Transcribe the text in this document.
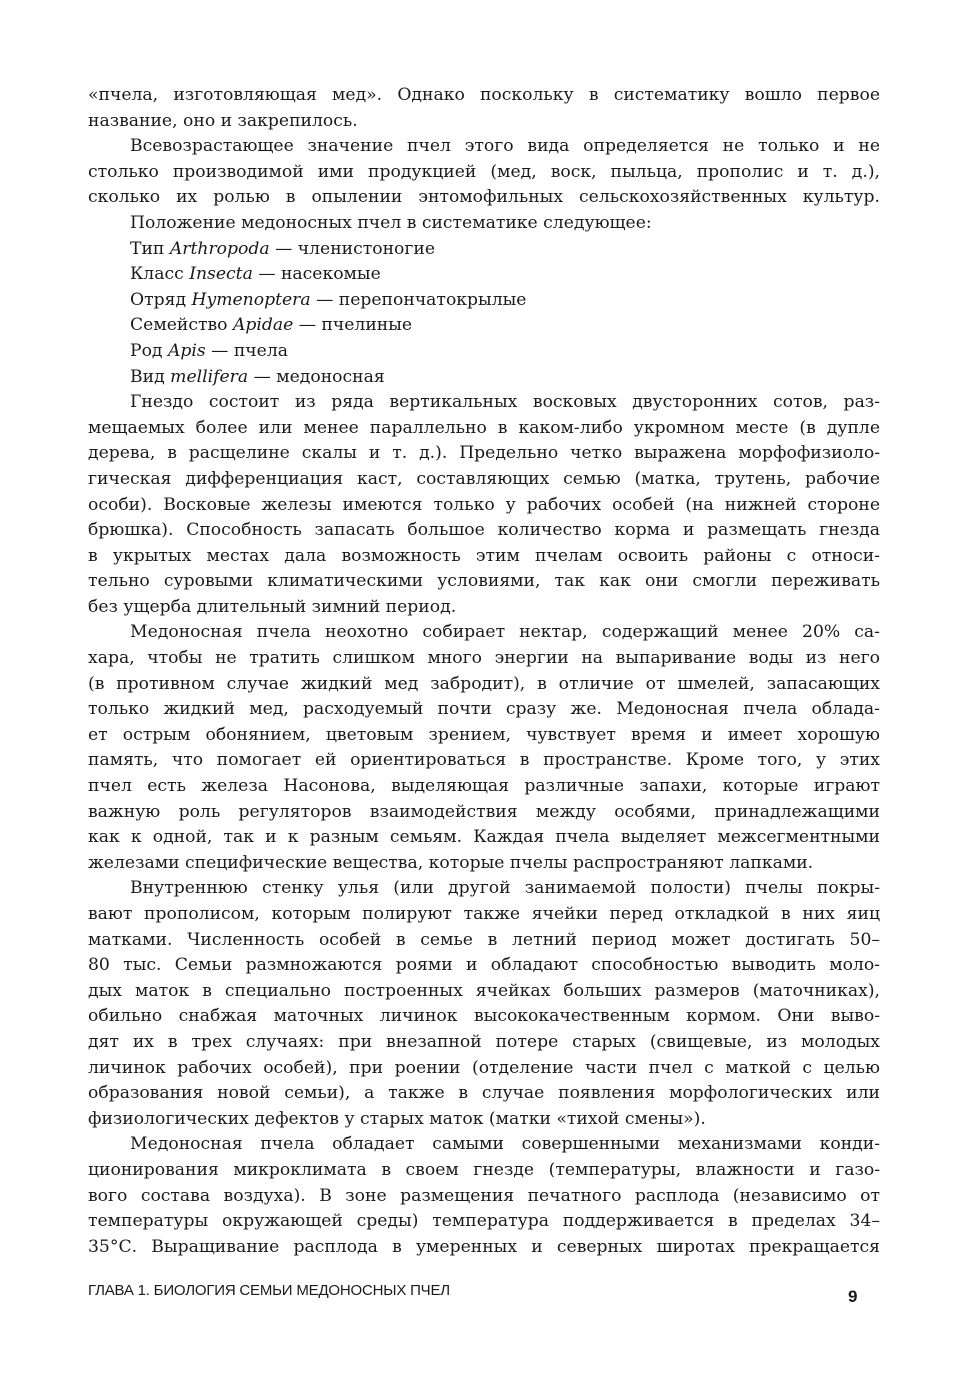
«пчела, изготовляющая мед». Однако поскольку в систематику вошло первое

название, оно и закрепилось.

Всевозрастающее значение пчел этого вида определяется не только и не

столько производимой ими продукцией (мед, воск, пыльца, прополис и т. д.),

сколько их ролью в опылении энтомофильных сельскохозяйственных культур.

Положение медоносных пчел в систематике следующее:

Тип Arthropoda — членистоногие

Класс Insecta — насекомые

Отряд Hymenoptera — перепончатокрылые

Семейство Apidae — пчелиные

Род Apis — пчела

Вид mellifera — медоносная

Гнездо состоит из ряда вертикальных восковых двусторонних сотов, раз-

мещаемых более или менее параллельно в каком-либо укромном месте (в дупле

дерева, в расщелине скалы и т. д.). Предельно четко выражена морфофизиоло-

гическая дифференциация каст, составляющих семью (матка, трутень, рабочие

особи). Восковые железы имеются только у рабочих особей (на нижней стороне

брюшка). Способность запасать большое количество корма и размещать гнезда

в укрытых местах дала возможность этим пчелам освоить районы с относи-

тельно суровыми климатическими условиями, так как они смогли переживать

без ущерба длительный зимний период.

Медоносная пчела неохотно собирает нектар, содержащий менее 20% са-

хара, чтобы не тратить слишком много энергии на выпаривание воды из него

(в противном случае жидкий мед забродит), в отличие от шмелей, запасающих

только жидкий мед, расходуемый почти сразу же. Медоносная пчела облада-

ет острым обонянием, цветовым зрением, чувствует время и имеет хорошую

память, что помогает ей ориентироваться в пространстве. Кроме того, у этих

пчел есть железа Насонова, выделяющая различные запахи, которые играют

важную роль регуляторов взаимодействия между особями, принадлежащими

как к одной, так и к разным семьям. Каждая пчела выделяет межсегментными

железами специфические вещества, которые пчелы распространяют лапками.

Внутреннюю стенку улья (или другой занимаемой полости) пчелы покры-

вают прополисом, которым полируют также ячейки перед откладкой в них яиц

матками. Численность особей в семье в летний период может достигать 50–

80 тыс. Семьи размножаются роями и обладают способностью выводить моло-

дых маток в специально построенных ячейках больших размеров (маточниках),

обильно снабжая маточных личинок высококачественным кормом. Они выво-

дят их в трех случаях: при внезапной потере старых (свищевые, из молодых

личинок рабочих особей), при роении (отделение части пчел с маткой с целью

образования новой семьи), а также в случае появления морфологических или

физиологических дефектов у старых маток (матки «тихой смены»).

Медоносная пчела обладает самыми совершенными механизмами конди-

ционирования микроклимата в своем гнезде (температуры, влажности и газо-

вого состава воздуха). В зоне размещения печатного расплода (независимо от

температуры окружающей среды) температура поддерживается в пределах 34–

35°С. Выращивание расплода в умеренных и северных широтах прекращается

ГЛАВА 1. БИОЛОГИЯ СЕМЬИ МЕДОНОСНЫХ ПЧЕЛ	9
